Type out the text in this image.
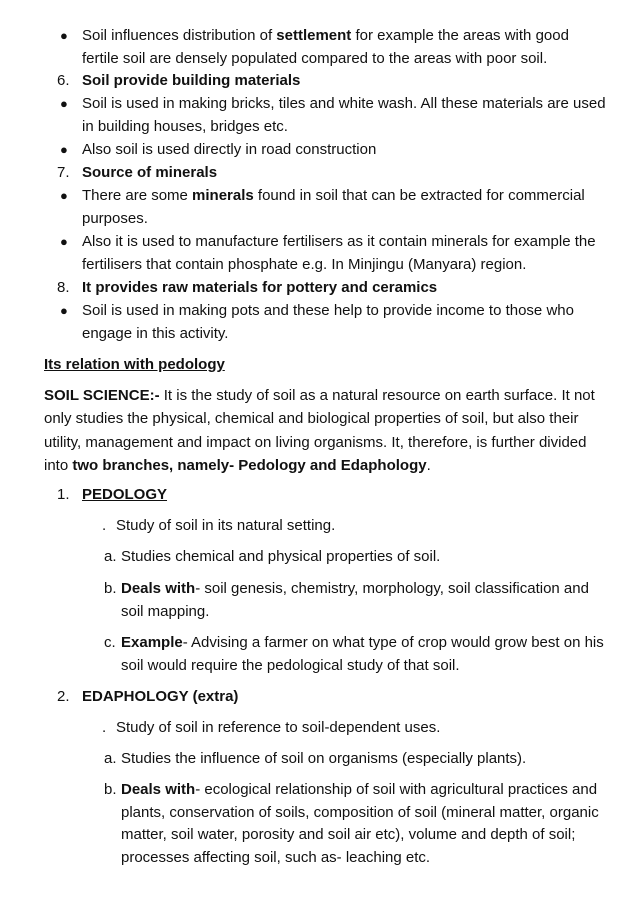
● Soil influences distribution of settlement for example the areas with good fertile soil are densely populated compared to the areas with poor soil.
6. Soil provide building materials
● Soil is used in making bricks, tiles and white wash. All these materials are used in building houses, bridges etc.
● Also soil is used directly in road construction
7. Source of minerals
● There are some minerals found in soil that can be extracted for commercial purposes.
● Also it is used to manufacture fertilisers as it contain minerals for example the fertilisers that contain phosphate e.g. In Minjingu (Manyara) region.
8. It provides raw materials for pottery and ceramics
● Soil is used in making pots and these help to provide income to those who engage in this activity.
Its relation with pedology
SOIL SCIENCE:- It is the study of soil as a natural resource on earth surface. It not only studies the physical, chemical and biological properties of soil, but also their utility, management and impact on living organisms. It, therefore, is further divided into two branches, namely- Pedology and Edaphology.
1. PEDOLOGY
. Study of soil in its natural setting.
a. Studies chemical and physical properties of soil.
b. Deals with- soil genesis, chemistry, morphology, soil classification and soil mapping.
c. Example- Advising a farmer on what type of crop would grow best on his soil would require the pedological study of that soil.
2. EDAPHOLOGY (extra)
. Study of soil in reference to soil-dependent uses.
a. Studies the influence of soil on organisms (especially plants).
b. Deals with- ecological relationship of soil with agricultural practices and plants, conservation of soils, composition of soil (mineral matter, organic matter, soil water, porosity and soil air etc), volume and depth of soil; processes affecting soil, such as- leaching etc.
